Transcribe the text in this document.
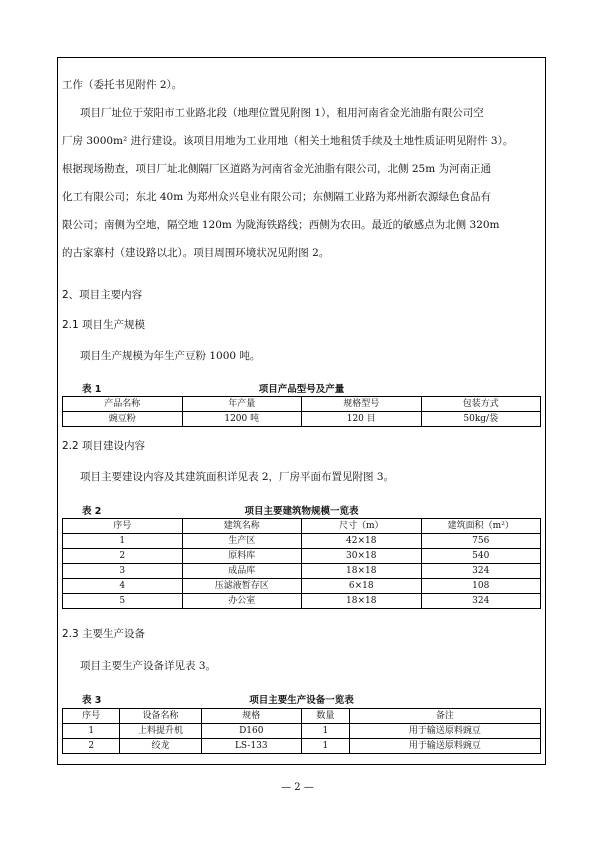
工作（委托书见附件 2）。
项目厂址位于荥阳市工业路北段（地理位置见附图 1），租用河南省金光油脂有限公司空
厂房 3000m² 进行建设。该项目用地为工业用地（相关土地租赁手续及土地性质证明见附件 3）。
根据现场勘查，项目厂址北侧隔厂区道路为河南省金光油脂有限公司，北侧 25m 为河南正通
化工有限公司；东北 40m 为郑州众兴皂业有限公司；东侧隔工业路为郑州新农源绿色食品有
限公司；南侧为空地，隔空地 120m 为陇海铁路线；西侧为农田。最近的敏感点为北侧 320m
的古家寨村（建设路以北）。项目周围环境状况见附图 2。
2、项目主要内容
2.1 项目生产规模
项目生产规模为年生产豆粉 1000 吨。
表 1	项目产品型号及产量
产品名称	年产量	规格型号	包装方式
豌豆粉	1200 吨	120 目	50kg/袋
2.2 项目建设内容
项目主要建设内容及其建筑面积详见表 2，厂房平面布置见附图 3。
表 2	项目主要建筑物规模一览表
序号	建筑名称	尺寸（m）	建筑面积（m²）
1	生产区	42×18	756
2	原料库	30×18	540
3	成品库	18×18	324
4	压滤液暂存区	6×18	108
5	办公室	18×18	324
2.3 主要生产设备
项目主要生产设备详见表 3。
表 3	项目主要生产设备一览表
序号	设备名称	规格	数量	备注
1	上料提升机	D160	1	用于输送原料豌豆
2	绞龙	LS-133	1	用于输送原料豌豆
— 2 —
